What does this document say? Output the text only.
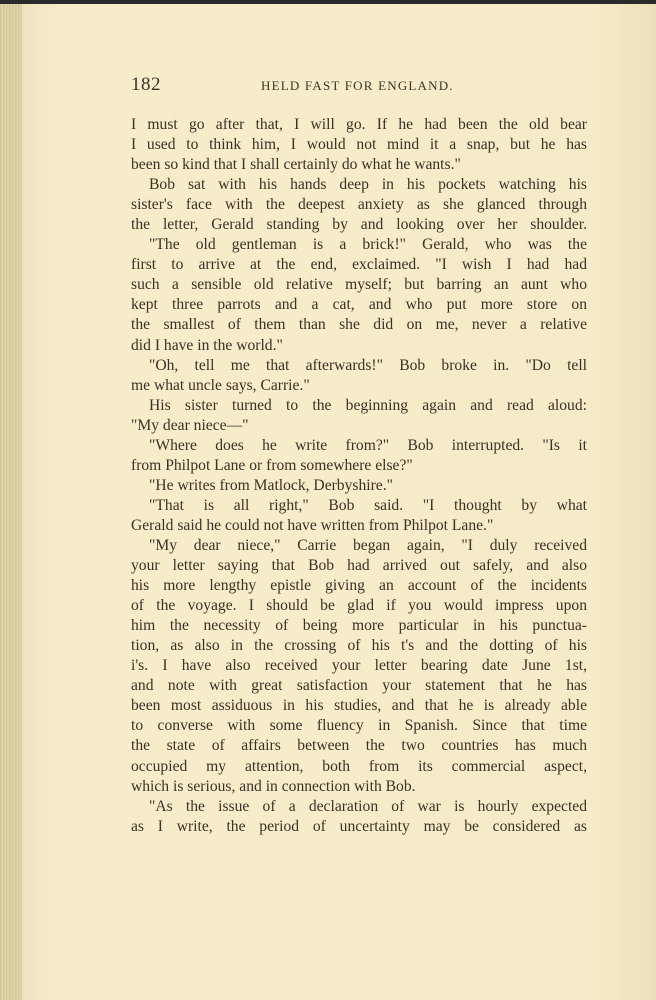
182	HELD FAST FOR ENGLAND.
I must go after that, I will go. If he had been the old bear
I used to think him, I would not mind it a snap, but he has
been so kind that I shall certainly do what he wants."
Bob sat with his hands deep in his pockets watching his
sister's face with the deepest anxiety as she glanced through
the letter, Gerald standing by and looking over her shoulder.
"The old gentleman is a brick!" Gerald, who was the
first to arrive at the end, exclaimed. "I wish I had had
such a sensible old relative myself; but barring an aunt who
kept three parrots and a cat, and who put more store on
the smallest of them than she did on me, never a relative
did I have in the world."
"Oh, tell me that afterwards!" Bob broke in. "Do tell
me what uncle says, Carrie."
His sister turned to the beginning again and read aloud:
"My dear niece—"
"Where does he write from?" Bob interrupted. "Is it
from Philpot Lane or from somewhere else?"
"He writes from Matlock, Derbyshire."
"That is all right," Bob said. "I thought by what
Gerald said he could not have written from Philpot Lane."
"My dear niece," Carrie began again, "I duly received
your letter saying that Bob had arrived out safely, and also
his more lengthy epistle giving an account of the incidents
of the voyage. I should be glad if you would impress upon
him the necessity of being more particular in his punctua-
tion, as also in the crossing of his t's and the dotting of his
i's. I have also received your letter bearing date June 1st,
and note with great satisfaction your statement that he has
been most assiduous in his studies, and that he is already able
to converse with some fluency in Spanish. Since that time
the state of affairs between the two countries has much
occupied my attention, both from its commercial aspect,
which is serious, and in connection with Bob.
"As the issue of a declaration of war is hourly expected
as I write, the period of uncertainty may be considered as
